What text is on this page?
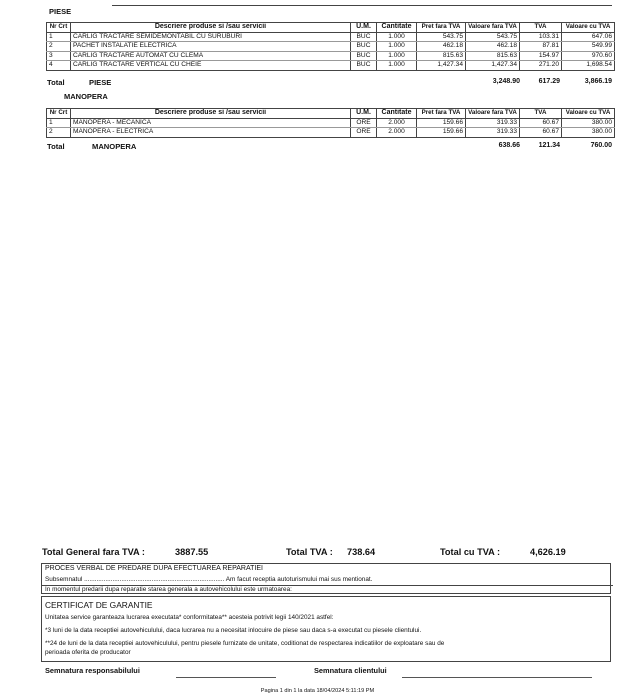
PIESE
Nr Crt	Descriere produse si /sau servicii	U.M.	Cantitate	Pret fara TVA	Valoare fara TVA	TVA	Valoare cu TVA
1	CARLIG TRACTARE SEMIDEMONTABIL CU SURUBURI	BUC	1.000	543.75	543.75	103.31	647.06
2	PACHET INSTALATIE ELECTRICA	BUC	1.000	462.18	462.18	87.81	549.99
3	CARLIG TRACTARE AUTOMAT CU CLEMA	BUC	1.000	815.63	815.63	154.97	970.60
4	CARLIG TRACTARE VERTICAL CU CHEIE	BUC	1.000	1,427.34	1,427.34	271.20	1,698.54
Total	PIESE	3,248.90	617.29	3,866.19
MANOPERA
Nr Crt	Descriere produse si /sau servicii	U.M.	Cantitate	Pret fara TVA	Valoare fara TVA	TVA	Valoare cu TVA
1	MANOPERA - MECANICA	ORE	2.000	159.66	319.33	60.67	380.00
2	MANOPERA - ELECTRICA	ORE	2.000	159.66	319.33	60.67	380.00
Total	MANOPERA	638.66	121.34	760.00
Total General fara TVA :	3887.55	Total TVA : 738.64	Total cu TVA :	4,626.19
PROCES VERBAL DE PREDARE DUPA EFECTUAREA REPARATIEI
Subsemnatul ............................................................................... Am facut receptia autoturismului mai sus mentionat.
In momentul predarii dupa reparatie starea generala a autovehicolului este urmatoarea:
CERTIFICAT DE GARANTIE
Unitatea service garanteaza lucrarea executata* conformitatea** acesteia potrivit legii 140/2021 astfel:
*3 luni de la data receptiei autovehiculului, daca lucrarea nu a necesitat inlocuire de piese sau daca s-a executat cu piesele clientului.
**24 de luni de la data receptiei autovehiculului, pentru piesele furnizate de unitate, coditionat de respectarea indicatiilor de exploatare sau de
perioada oferita de producator
Semnatura responsabilului	Semnatura clientului
Pagina 1 din 1 la data 18/04/2024 5:11:19 PM
